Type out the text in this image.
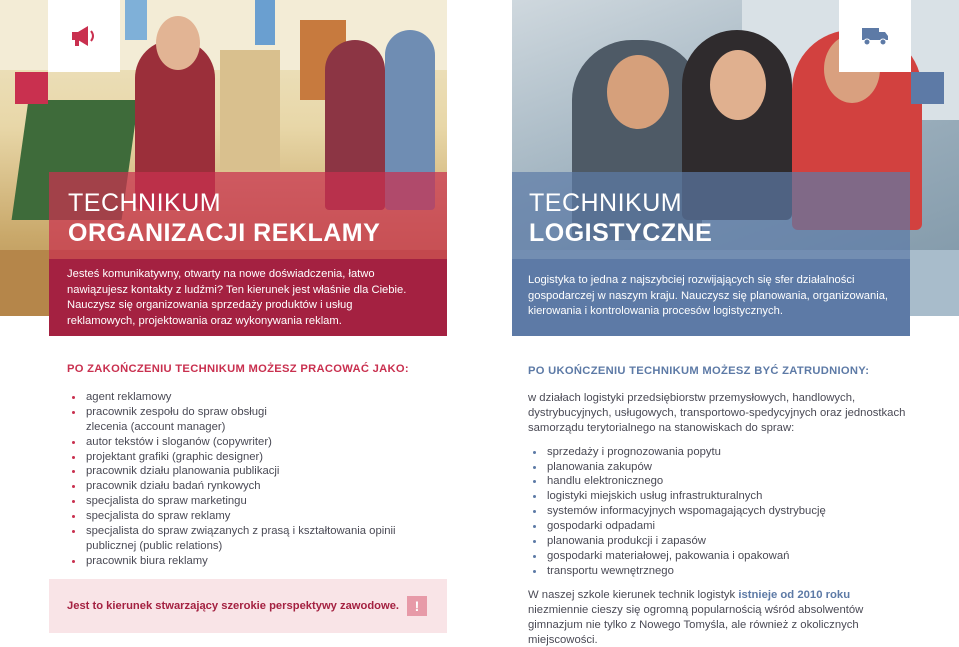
TECHNIKUM
ORGANIZACJI REKLAMY
TECHNIKUM
LOGISTYCZNE
Jesteś komunikatywny, otwarty na nowe doświadczenia, łatwo
nawiązujesz kontakty z ludźmi? Ten kierunek jest właśnie dla Ciebie.
Nauczysz się organizowania sprzedaży produktów i usług
reklamowych, projektowania oraz wykonywania reklam.
Logistyka to jedna z najszybciej rozwijających się sfer działalności
gospodarczej w naszym kraju. Nauczysz się planowania, organizowania,
kierowania i kontrolowania procesów logistycznych.
PO ZAKOŃCZENIU TECHNIKUM MOŻESZ PRACOWAĆ JAKO:
agent reklamowy
pracownik zespołu do spraw obsługi zlecenia (account manager)
autor tekstów i sloganów (copywriter)
projektant grafiki (graphic designer)
pracownik działu planowania publikacji
pracownik działu badań rynkowych
specjalista do spraw marketingu
specjalista do spraw reklamy
specjalista do spraw związanych z prasą i kształtowania opinii publicznej (public relations)
pracownik biura reklamy
Jest to kierunek stwarzający szerokie perspektywy zawodowe.	!
PO UKOŃCZENIU TECHNIKUM MOŻESZ BYĆ ZATRUDNIONY:
w działach logistyki przedsiębiorstw przemysłowych, handlowych, dystrybucyjnych, usługowych, transportowo-spedycyjnych oraz jednostkach samorządu terytorialnego na stanowiskach do spraw:
sprzedaży i prognozowania popytu
planowania zakupów
handlu elektronicznego
logistyki miejskich usług infrastrukturalnych
systemów informacyjnych wspomagających dystrybucję
gospodarki odpadami
planowania produkcji i zapasów
gospodarki materiałowej, pakowania i opakowań
transportu wewnętrznego

W naszej szkole kierunek technik logistyk istnieje od 2010 roku niezmiennie cieszy się ogromną popularnością wśród absolwentów gimnazjum nie tylko z Nowego Tomyśla, ale również z okolicznych miejscowości.
